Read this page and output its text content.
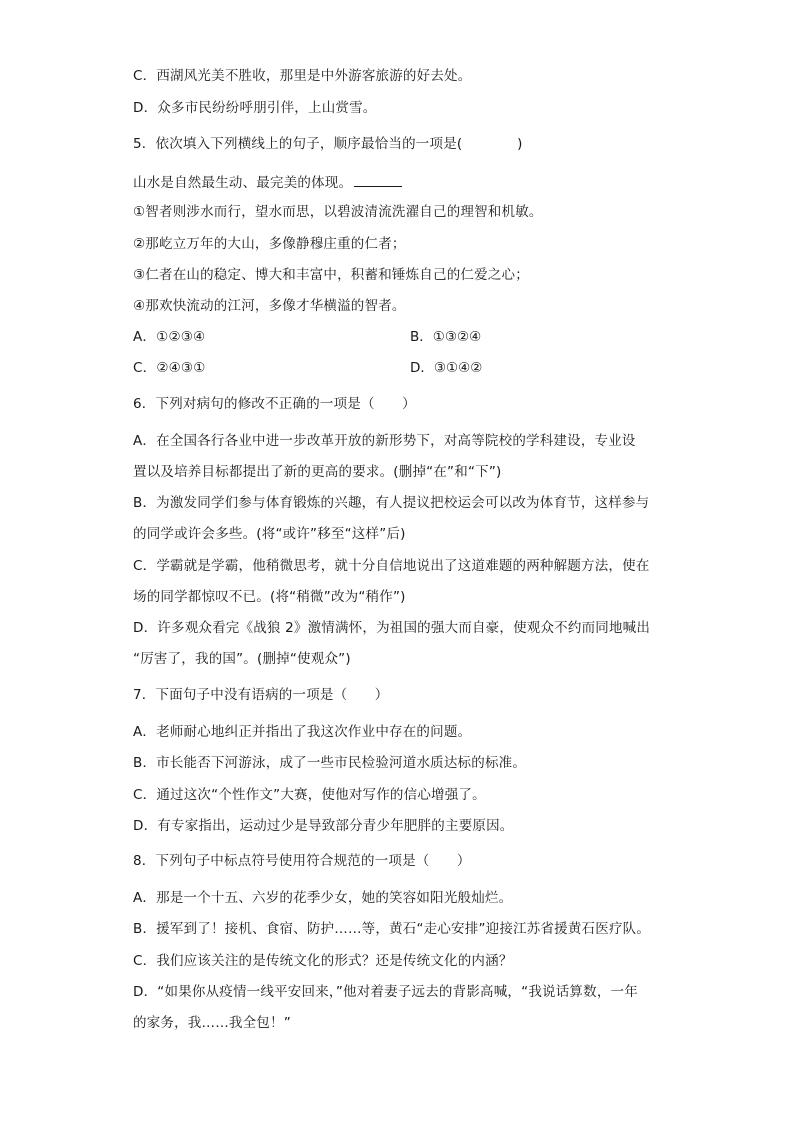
C．西湖风光美不胜收，那里是中外游客旅游的好去处。
D．众多市民纷纷呼朋引伴，上山赏雪。
5．依次填入下列横线上的句子，顺序最恰当的一项是(　　　　)
山水是自然最生动、最完美的体现。
①智者则涉水而行，望水而思，以碧波清流洗濯自己的理智和机敏。
②那屹立万年的大山，多像静穆庄重的仁者；
③仁者在山的稳定、博大和丰富中，积蓄和锤炼自己的仁爱之心；
④那欢快流动的江河，多像才华横溢的智者。
A．①②③④	B．①③②④
C．②④③①	D．③①④②
6．下列对病句的修改不正确的一项是（　　）
A．在全国各行各业中进一步改革开放的新形势下，对高等院校的学科建设，专业设
置以及培养目标都提出了新的更高的要求。(删掉“在”和“下”)
B．为激发同学们参与体育锻炼的兴趣，有人提议把校运会可以改为体育节，这样参与
的同学或许会多些。(将“或许”移至“这样”后)
C．学霸就是学霸，他稍微思考，就十分自信地说出了这道难题的两种解题方法，使在
场的同学都惊叹不已。(将“稍微”改为“稍作”)
D．许多观众看完《战狼 2》激情满怀，为祖国的强大而自豪，使观众不约而同地喊出
“厉害了，我的国”。(删掉“使观众”)
7．下面句子中没有语病的一项是（　　）
A．老师耐心地纠正并指出了我这次作业中存在的问题。
B．市长能否下河游泳，成了一些市民检验河道水质达标的标准。
C．通过这次“个性作文”大赛，使他对写作的信心增强了。
D．有专家指出，运动过少是导致部分青少年肥胖的主要原因。
8．下列句子中标点符号使用符合规范的一项是（　　）
A．那是一个十五、六岁的花季少女，她的笑容如阳光般灿烂。
B．援军到了！接机、食宿、防护……等，黄石“走心安排”迎接江苏省援黄石医疗队。
C．我们应该关注的是传统文化的形式？还是传统文化的内涵？
D．“如果你从疫情一线平安回来，”他对着妻子远去的背影高喊，“我说话算数，一年
的家务，我……我全包！”
